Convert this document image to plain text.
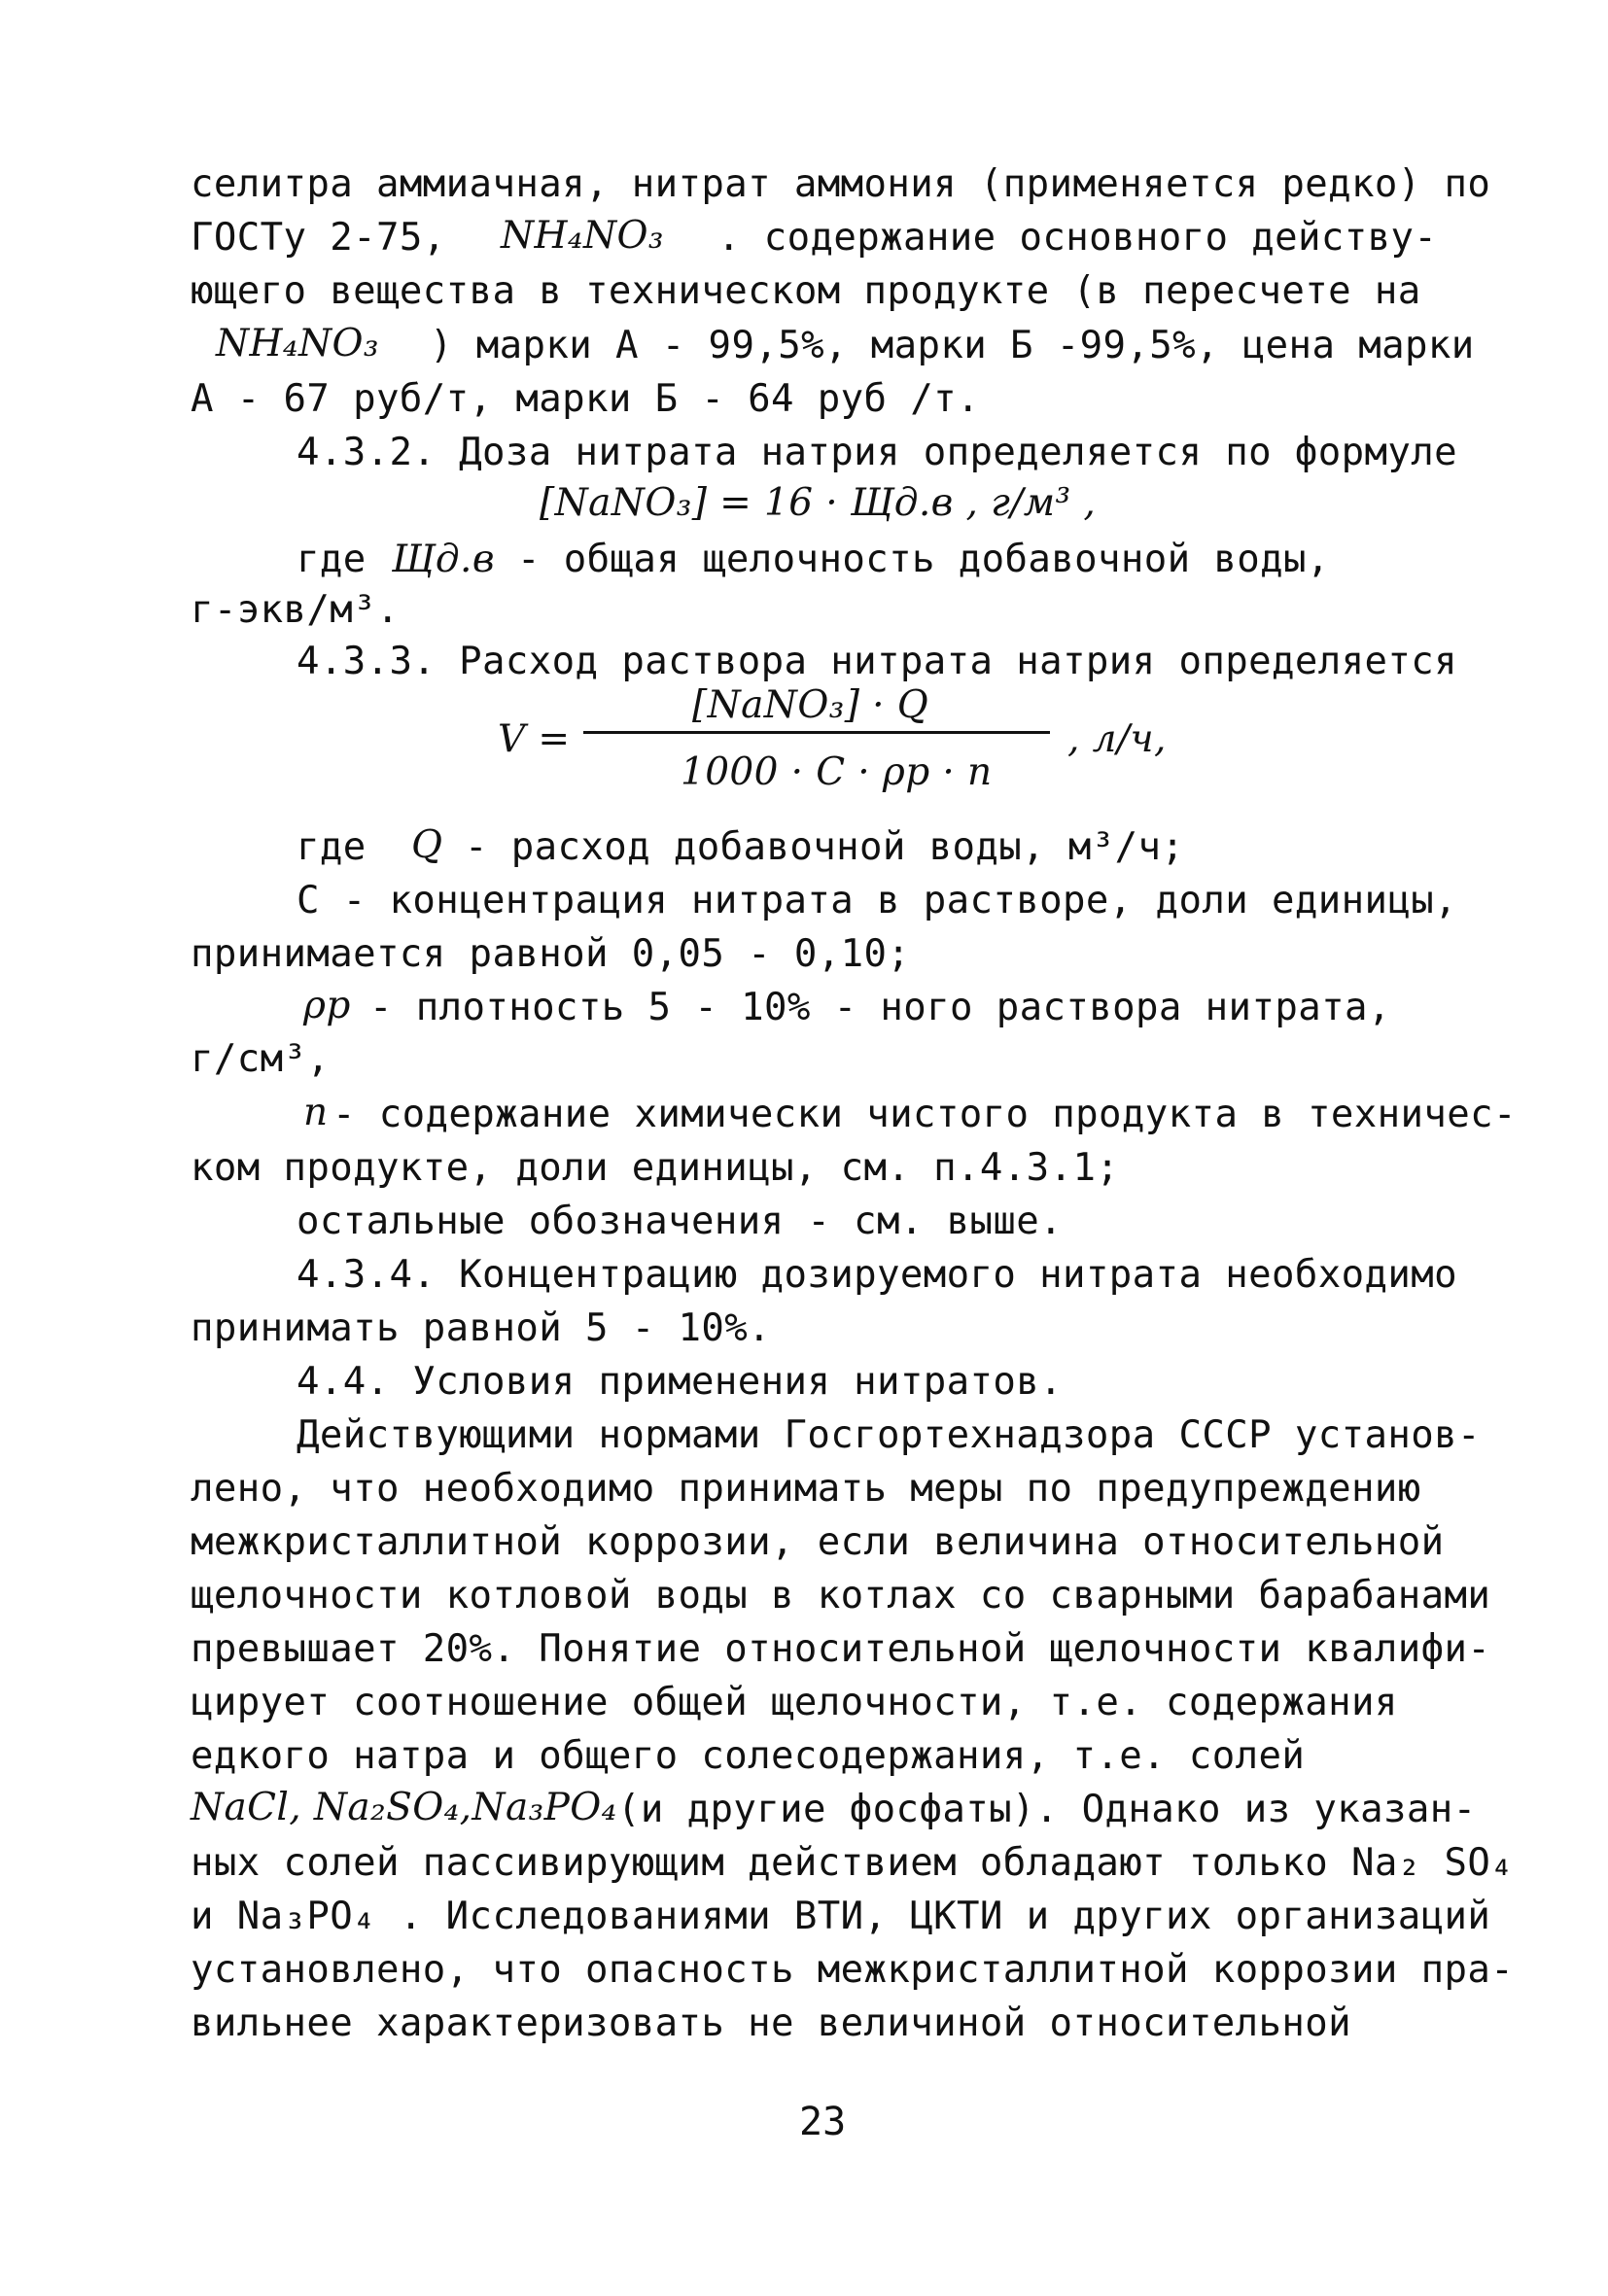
селитра аммиачная, нитрат аммония (применяется редко) по
ГОСТу 2-75, NH₄NO₃ . содержание основного действу-
ющего вещества в техническом продукте (в пересчете на
NH₄NO₃ ) марки А - 99,5%, марки Б -99,5%, цена марки
А - 67 руб/т, марки Б - 64 руб /т.
4.3.2. Доза нитрата натрия определяется по формуле
[NaNO₃] = 16 · Щд.в , г/м³ ,
где Щд.в - общая щелочность добавочной воды,
г-экв/м³.
4.3.3. Расход раствора нитрата натрия определяется
V =
[NaNO₃] · Q
1000 · C · ρр · n
, л/ч,
где Q - расход добавочной воды, м³/ч;
С - концентрация нитрата в растворе, доли единицы,
принимается равной 0,05 - 0,10;
ρр - плотность 5 - 10% - ного раствора нитрата,
г/см³,
n - содержание химически чистого продукта в техничес-
ком продукте, доли единицы, см. п.4.3.1;
остальные обозначения - см. выше.
4.3.4. Концентрацию дозируемого нитрата необходимо
принимать равной 5 - 10%.
4.4. Условия применения нитратов.
Действующими нормами Госгортехнадзора СССР установ-
лено, что необходимо принимать меры по предупреждению
межкристаллитной коррозии, если величина относительной
щелочности котловой воды в котлах со сварными барабанами
превышает 20%. Понятие относительной щелочности квалифи-
цирует соотношение общей щелочности, т.е. содержания
едкого натра и общего солесодержания, т.е. солей
NaCl, Na₂SO₄,Na₃PO₄ (и другие фосфаты). Однако из указан-
ных солей пассивирующим действием обладают только Na₂ SO₄
и Na₃PO₄ . Исследованиями ВТИ, ЦКТИ и других организаций
установлено, что опасность межкристаллитной коррозии пра-
вильнее характеризовать не величиной относительной
23
